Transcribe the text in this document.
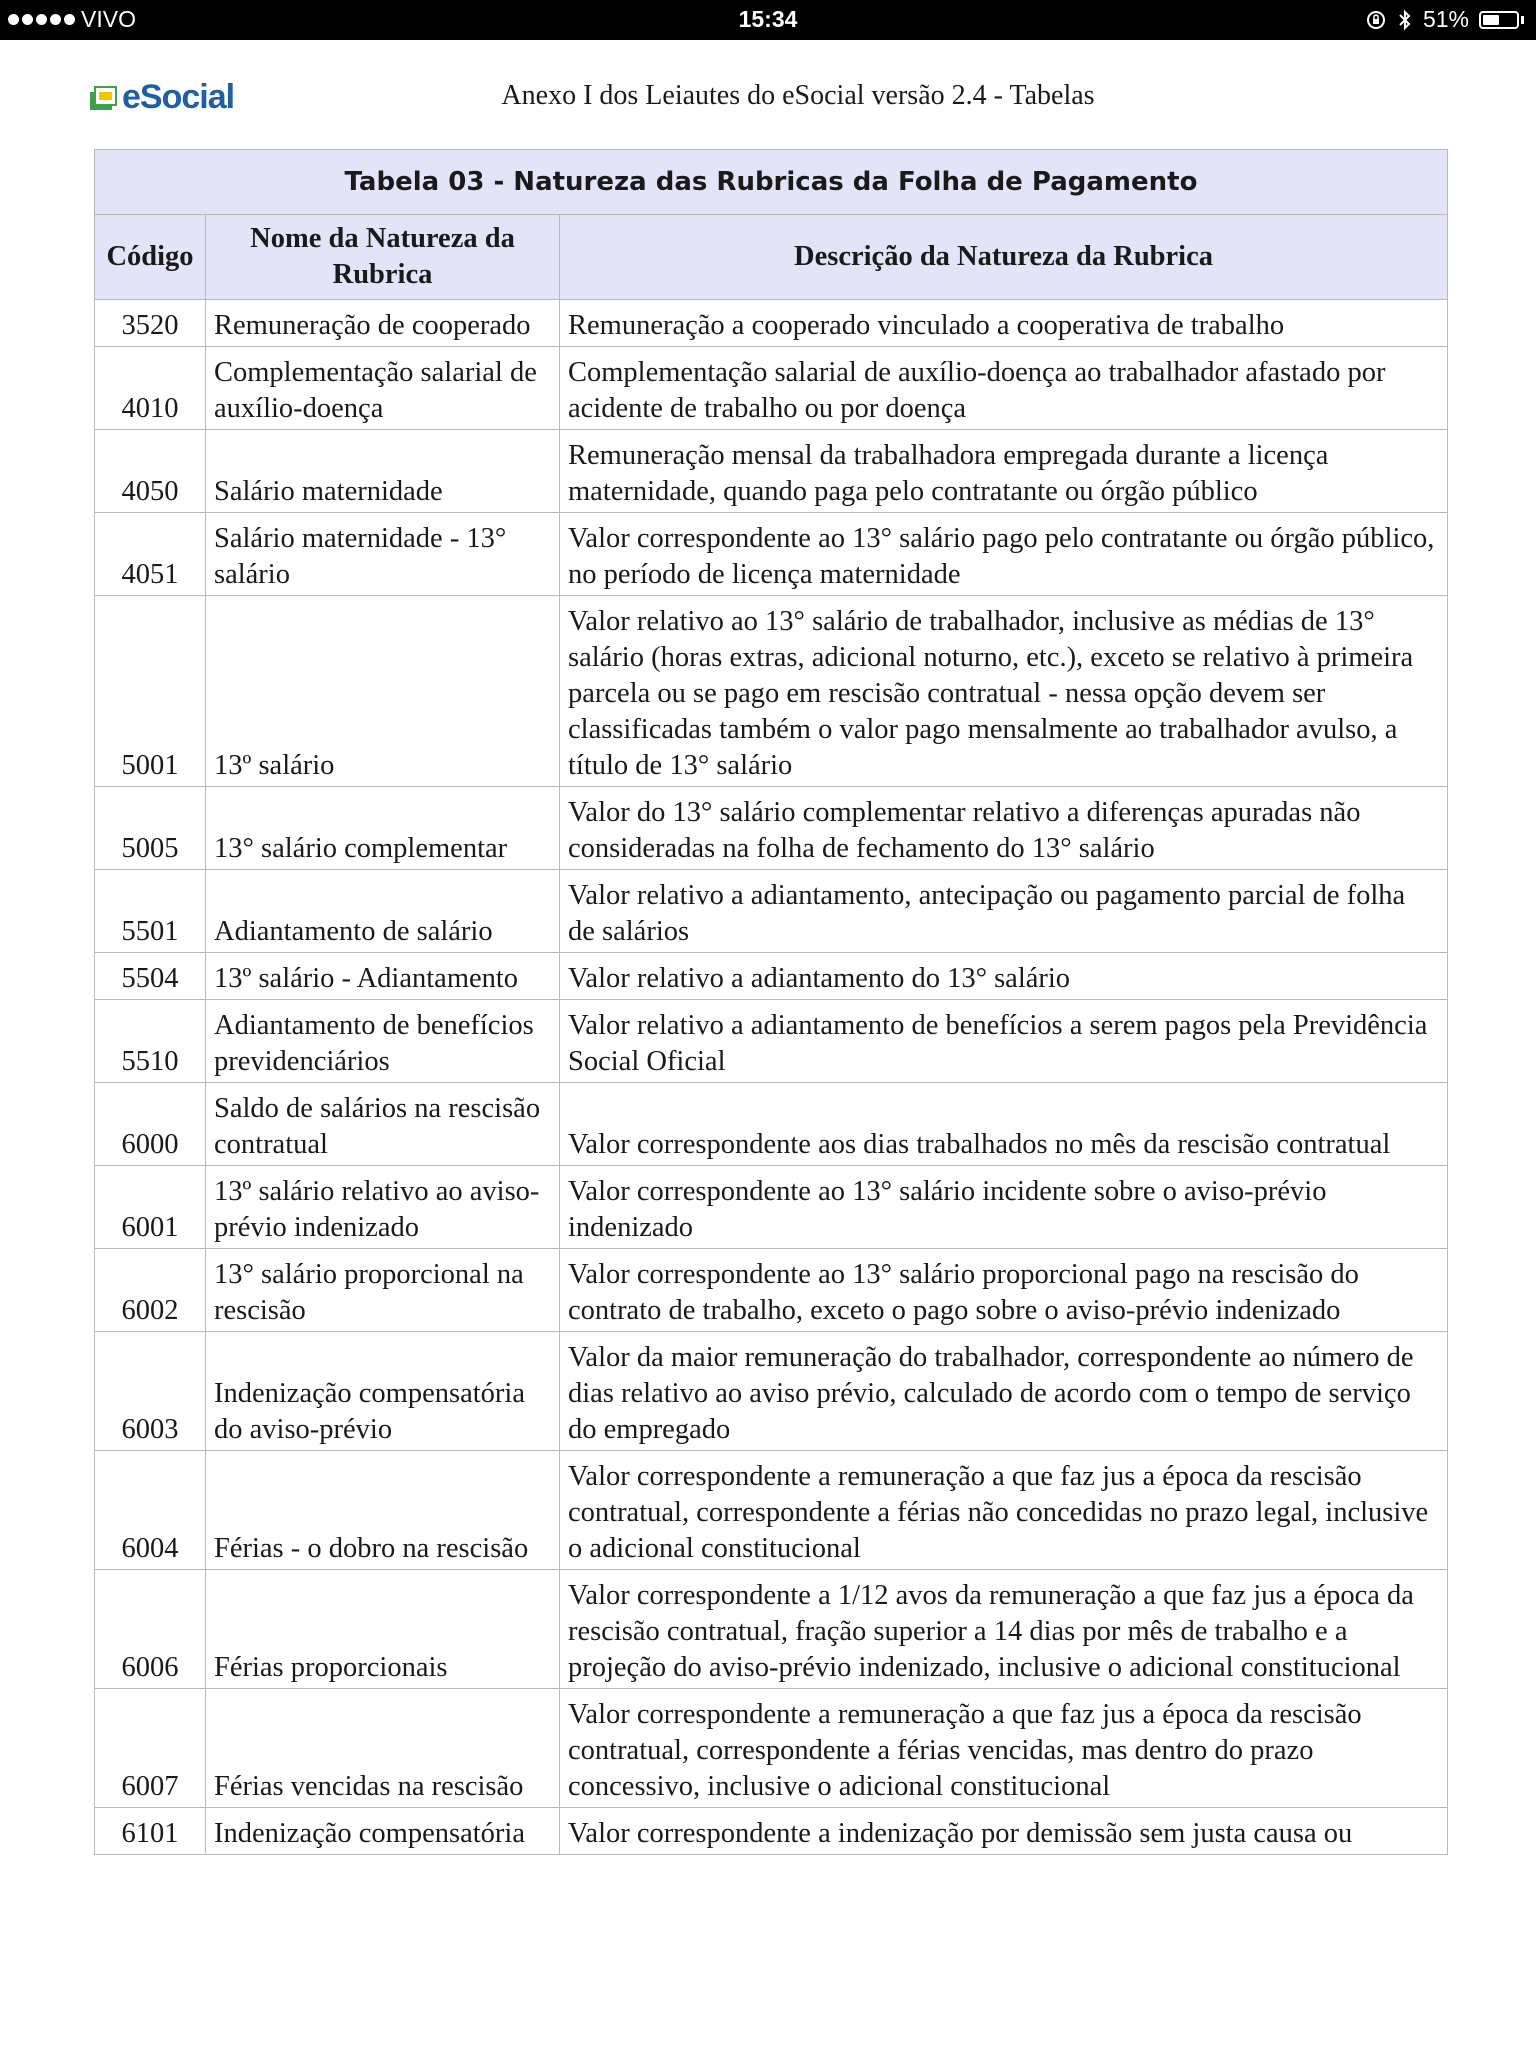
VIVO	15:34	51%
eSocial	Anexo I dos Leiautes do eSocial versão 2.4 - Tabelas
Tabela 03 - Natureza das Rubricas da Folha de Pagamento		
Código	Nome da Natureza da Rubrica	Descrição da Natureza da Rubrica
3520	Remuneração de cooperado	Remuneração a cooperado vinculado a cooperativa de trabalho
4010	Complementação salarial de auxílio-doença	Complementação salarial de auxílio-doença ao trabalhador afastado por acidente de trabalho ou por doença
4050	Salário maternidade	Remuneração mensal da trabalhadora empregada durante a licença maternidade, quando paga pelo contratante ou órgão público
4051	Salário maternidade - 13° salário	Valor correspondente ao 13° salário pago pelo contratante ou órgão público, no período de licença maternidade
5001	13º salário	Valor relativo ao 13° salário de trabalhador, inclusive as médias de 13° salário (horas extras, adicional noturno, etc.), exceto se relativo à primeira parcela ou se pago em rescisão contratual - nessa opção devem ser classificadas também o valor pago mensalmente ao trabalhador avulso, a título de 13° salário
5005	13° salário complementar	Valor do 13° salário complementar relativo a diferenças apuradas não consideradas na folha de fechamento do 13° salário
5501	Adiantamento de salário	Valor relativo a adiantamento, antecipação ou pagamento parcial de folha de salários
5504	13º salário - Adiantamento	Valor relativo a adiantamento do 13° salário
5510	Adiantamento de benefícios previdenciários	Valor relativo a adiantamento de benefícios a serem pagos pela Previdência Social Oficial
6000	Saldo de salários na rescisão contratual	Valor correspondente aos dias trabalhados no mês da rescisão contratual
6001	13º salário relativo ao aviso-prévio indenizado	Valor correspondente ao 13° salário incidente sobre o aviso-prévio indenizado
6002	13° salário proporcional na rescisão	Valor correspondente ao 13° salário proporcional pago na rescisão do contrato de trabalho, exceto o pago sobre o aviso-prévio indenizado
6003	Indenização compensatória do aviso-prévio	Valor da maior remuneração do trabalhador, correspondente ao número de dias relativo ao aviso prévio, calculado de acordo com o tempo de serviço do empregado
6004	Férias - o dobro na rescisão	Valor correspondente a remuneração a que faz jus a época da rescisão contratual, correspondente a férias não concedidas no prazo legal, inclusive o adicional constitucional
6006	Férias proporcionais	Valor correspondente a 1/12 avos da remuneração a que faz jus a época da rescisão contratual, fração superior a 14 dias por mês de trabalho e a projeção do aviso-prévio indenizado, inclusive o adicional constitucional
6007	Férias vencidas na rescisão	Valor correspondente a remuneração a que faz jus a época da rescisão contratual, correspondente a férias vencidas, mas dentro do prazo concessivo, inclusive o adicional constitucional
6101	Indenização compensatória	Valor correspondente a indenização por demissão sem justa causa ou
